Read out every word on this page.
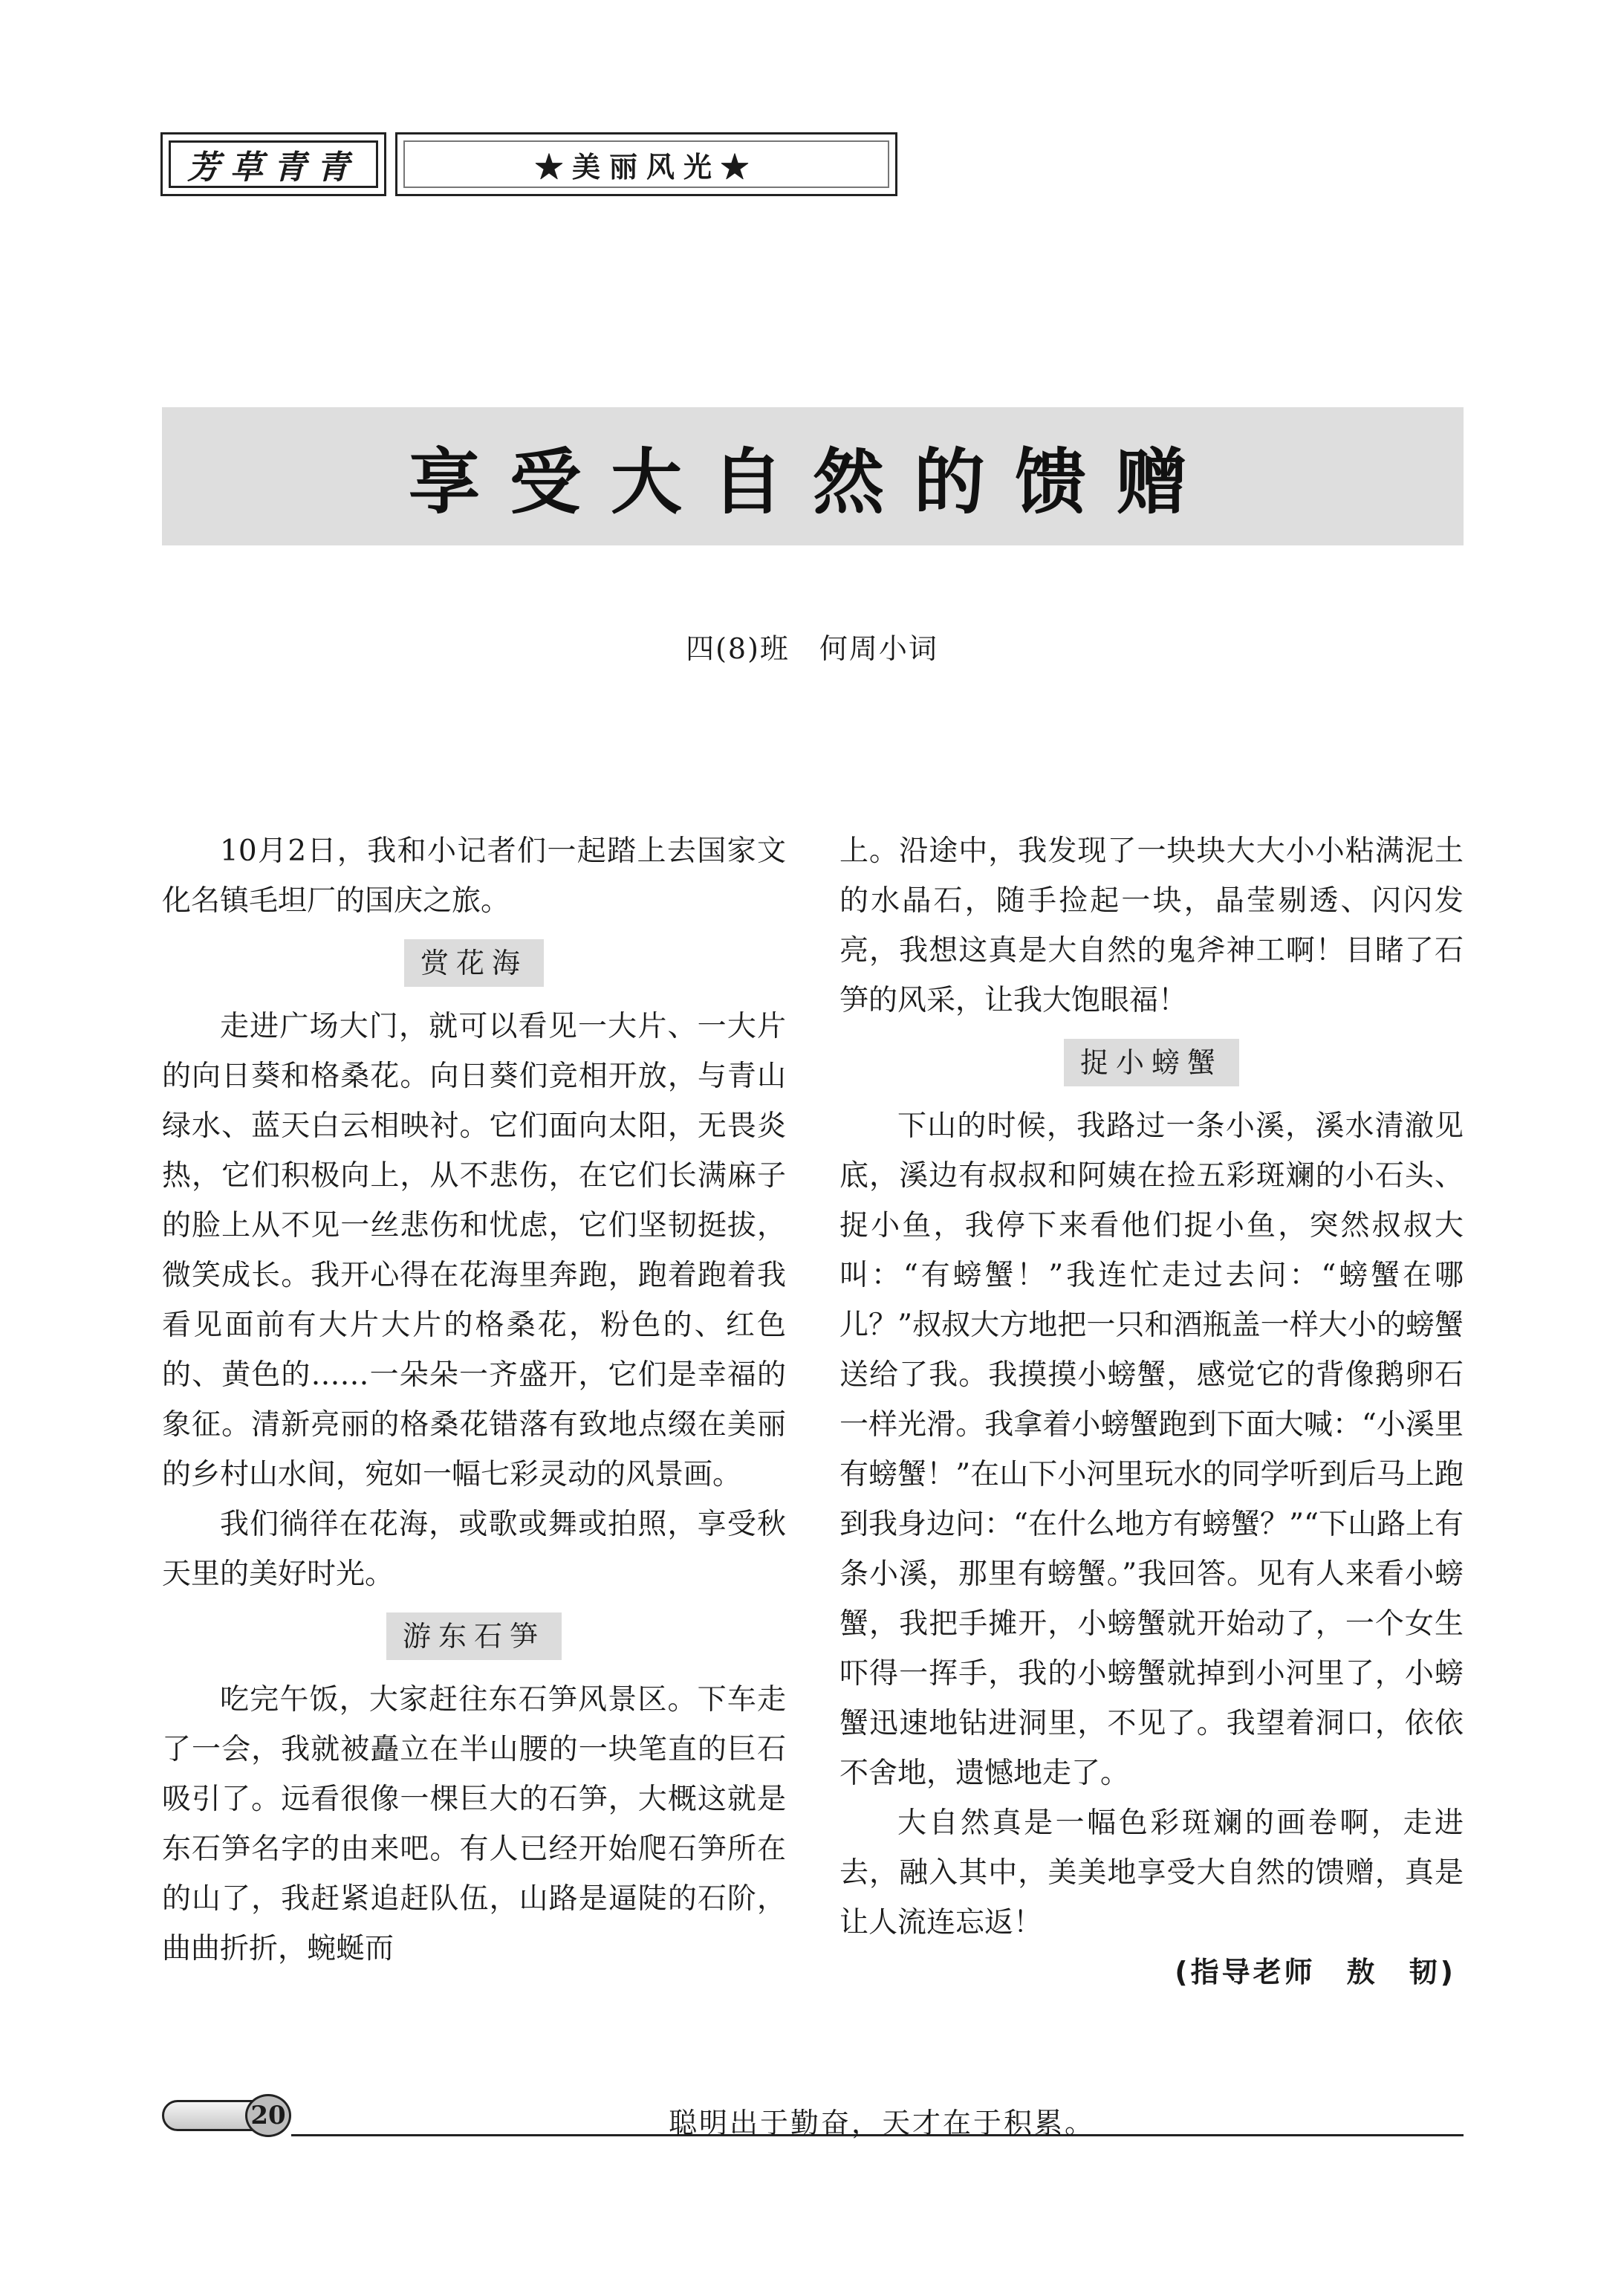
芳草青青	★美丽风光★
享受大自然的馈赠
四(8)班　何周小词

10月2日，我和小记者们一起踏上去国家文化名镇毛坦厂的国庆之旅。

赏花海

走进广场大门，就可以看见一大片、一大片的向日葵和格桑花。向日葵们竞相开放，与青山绿水、蓝天白云相映衬。它们面向太阳，无畏炎热，它们积极向上，从不悲伤，在它们长满麻子的脸上从不见一丝悲伤和忧虑，它们坚韧挺拔，微笑成长。我开心得在花海里奔跑，跑着跑着我看见面前有大片大片的格桑花，粉色的、红色的、黄色的……一朵朵一齐盛开，它们是幸福的象征。清新亮丽的格桑花错落有致地点缀在美丽的乡村山水间，宛如一幅七彩灵动的风景画。

我们徜徉在花海，或歌或舞或拍照，享受秋天里的美好时光。

游东石笋

吃完午饭，大家赶往东石笋风景区。下车走了一会，我就被矗立在半山腰的一块笔直的巨石吸引了。远看很像一棵巨大的石笋，大概这就是东石笋名字的由来吧。有人已经开始爬石笋所在的山了，我赶紧追赶队伍，山路是逼陡的石阶，曲曲折折，蜿蜒而

上。沿途中，我发现了一块块大大小小粘满泥土的水晶石，随手捡起一块，晶莹剔透、闪闪发亮，我想这真是大自然的鬼斧神工啊！目睹了石笋的风采，让我大饱眼福！

捉小螃蟹

下山的时候，我路过一条小溪，溪水清澈见底，溪边有叔叔和阿姨在捡五彩斑斓的小石头、捉小鱼，我停下来看他们捉小鱼，突然叔叔大叫：“有螃蟹！”我连忙走过去问：“螃蟹在哪儿？”叔叔大方地把一只和酒瓶盖一样大小的螃蟹送给了我。我摸摸小螃蟹，感觉它的背像鹅卵石一样光滑。我拿着小螃蟹跑到下面大喊：“小溪里有螃蟹！”在山下小河里玩水的同学听到后马上跑到我身边问：“在什么地方有螃蟹？”“下山路上有条小溪，那里有螃蟹。”我回答。见有人来看小螃蟹，我把手摊开，小螃蟹就开始动了，一个女生吓得一挥手，我的小螃蟹就掉到小河里了，小螃蟹迅速地钻进洞里，不见了。我望着洞口，依依不舍地，遗憾地走了。

大自然真是一幅色彩斑斓的画卷啊，走进去，融入其中，美美地享受大自然的馈赠，真是让人流连忘返！

(指导老师　敖　韧)
20	聪明出于勤奋，天才在于积累。
